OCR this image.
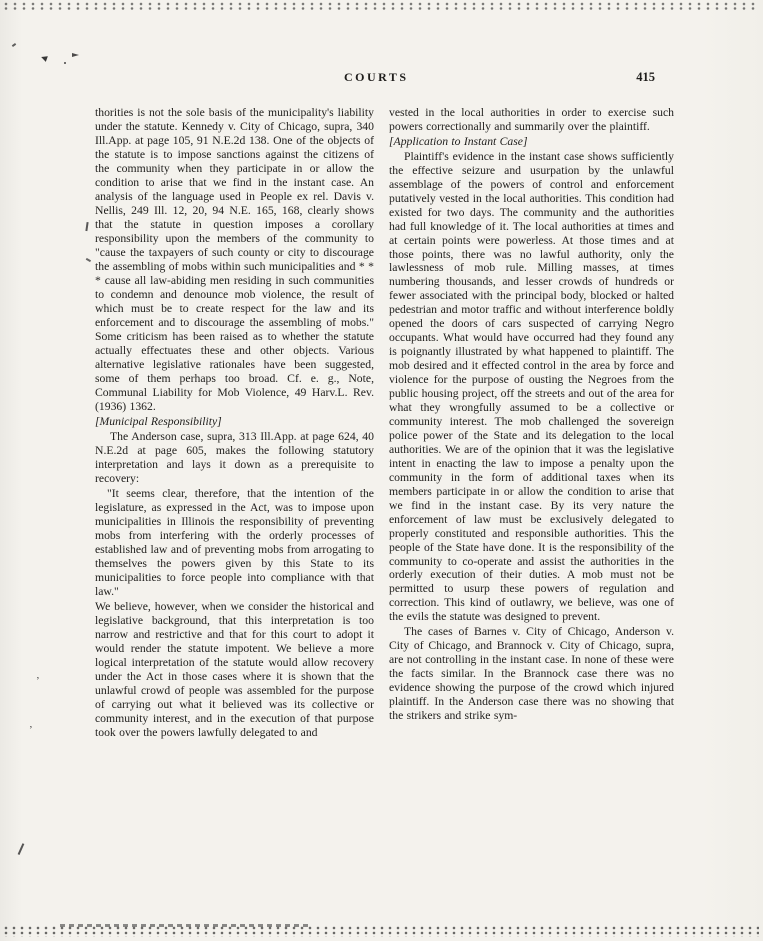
’
‚
COURTS	415

thorities is not the sole basis of the municipality's liability under the statute. Kennedy v. City of Chicago, supra, 340 Ill.App. at page 105, 91 N.E.2d 138. One of the objects of the statute is to impose sanctions against the citizens of the community when they participate in or allow the condition to arise that we find in the instant case. An analysis of the language used in People ex rel. Davis v. Nellis, 249 Ill. 12, 20, 94 N.E. 165, 168, clearly shows that the statute in question imposes a corollary responsibility upon the members of the community to "cause the taxpayers of such county or city to discourage the assembling of mobs within such municipalities and * * * cause all law-abiding men residing in such communities to condemn and denounce mob violence, the result of which must be to create respect for the law and its enforcement and to discourage the assembling of mobs." Some criticism has been raised as to whether the statute actually effectuates these and other objects. Various alternative legislative rationales have been suggested, some of them perhaps too broad. Cf. e. g., Note, Communal Liability for Mob Violence, 49 Harv.L. Rev. (1936) 1362.

[Municipal Responsibility]

The Anderson case, supra, 313 Ill.App. at page 624, 40 N.E.2d at page 605, makes the following statutory interpretation and lays it down as a prerequisite to recovery:

"It seems clear, therefore, that the intention of the legislature, as expressed in the Act, was to impose upon municipalities in Illinois the responsibility of preventing mobs from interfering with the orderly processes of established law and of preventing mobs from arrogating to themselves the powers given by this State to its municipalities to force people into compliance with that law."

We believe, however, when we consider the historical and legislative background, that this interpretation is too narrow and restrictive and that for this court to adopt it would render the statute impotent. We believe a more logical interpretation of the statute would allow recovery under the Act in those cases where it is shown that the unlawful crowd of people was assembled for the purpose of carrying out what it believed was its collective or community interest, and in the execution of that purpose took over the powers lawfully delegated to and

vested in the local authorities in order to exercise such powers correctionally and summarily over the plaintiff.

[Application to Instant Case]

Plaintiff's evidence in the instant case shows sufficiently the effective seizure and usurpation by the unlawful assemblage of the powers of control and enforcement putatively vested in the local authorities. This condition had existed for two days. The community and the authorities had full knowledge of it. The local authorities at times and at certain points were powerless. At those times and at those points, there was no lawful authority, only the lawlessness of mob rule. Milling masses, at times numbering thousands, and lesser crowds of hundreds or fewer associated with the principal body, blocked or halted pedestrian and motor traffic and without interference boldly opened the doors of cars suspected of carrying Negro occupants. What would have occurred had they found any is poignantly illustrated by what happened to plaintiff. The mob desired and it effected control in the area by force and violence for the purpose of ousting the Negroes from the public housing project, off the streets and out of the area for what they wrongfully assumed to be a collective or community interest. The mob challenged the sovereign police power of the State and its delegation to the local authorities. We are of the opinion that it was the legislative intent in enacting the law to impose a penalty upon the community in the form of additional taxes when its members participate in or allow the condition to arise that we find in the instant case. By its very nature the enforcement of law must be exclusively delegated to properly constituted and responsible authorities. This the people of the State have done. It is the responsibility of the community to co-operate and assist the authorities in the orderly execution of their duties. A mob must not be permitted to usurp these powers of regulation and correction. This kind of outlawry, we believe, was one of the evils the statute was designed to prevent.

The cases of Barnes v. City of Chicago, Anderson v. City of Chicago, and Brannock v. City of Chicago, supra, are not controlling in the instant case. In none of these were the facts similar. In the Brannock case there was no evidence showing the purpose of the crowd which injured plaintiff. In the Anderson case there was no showing that the strikers and strike sym-
